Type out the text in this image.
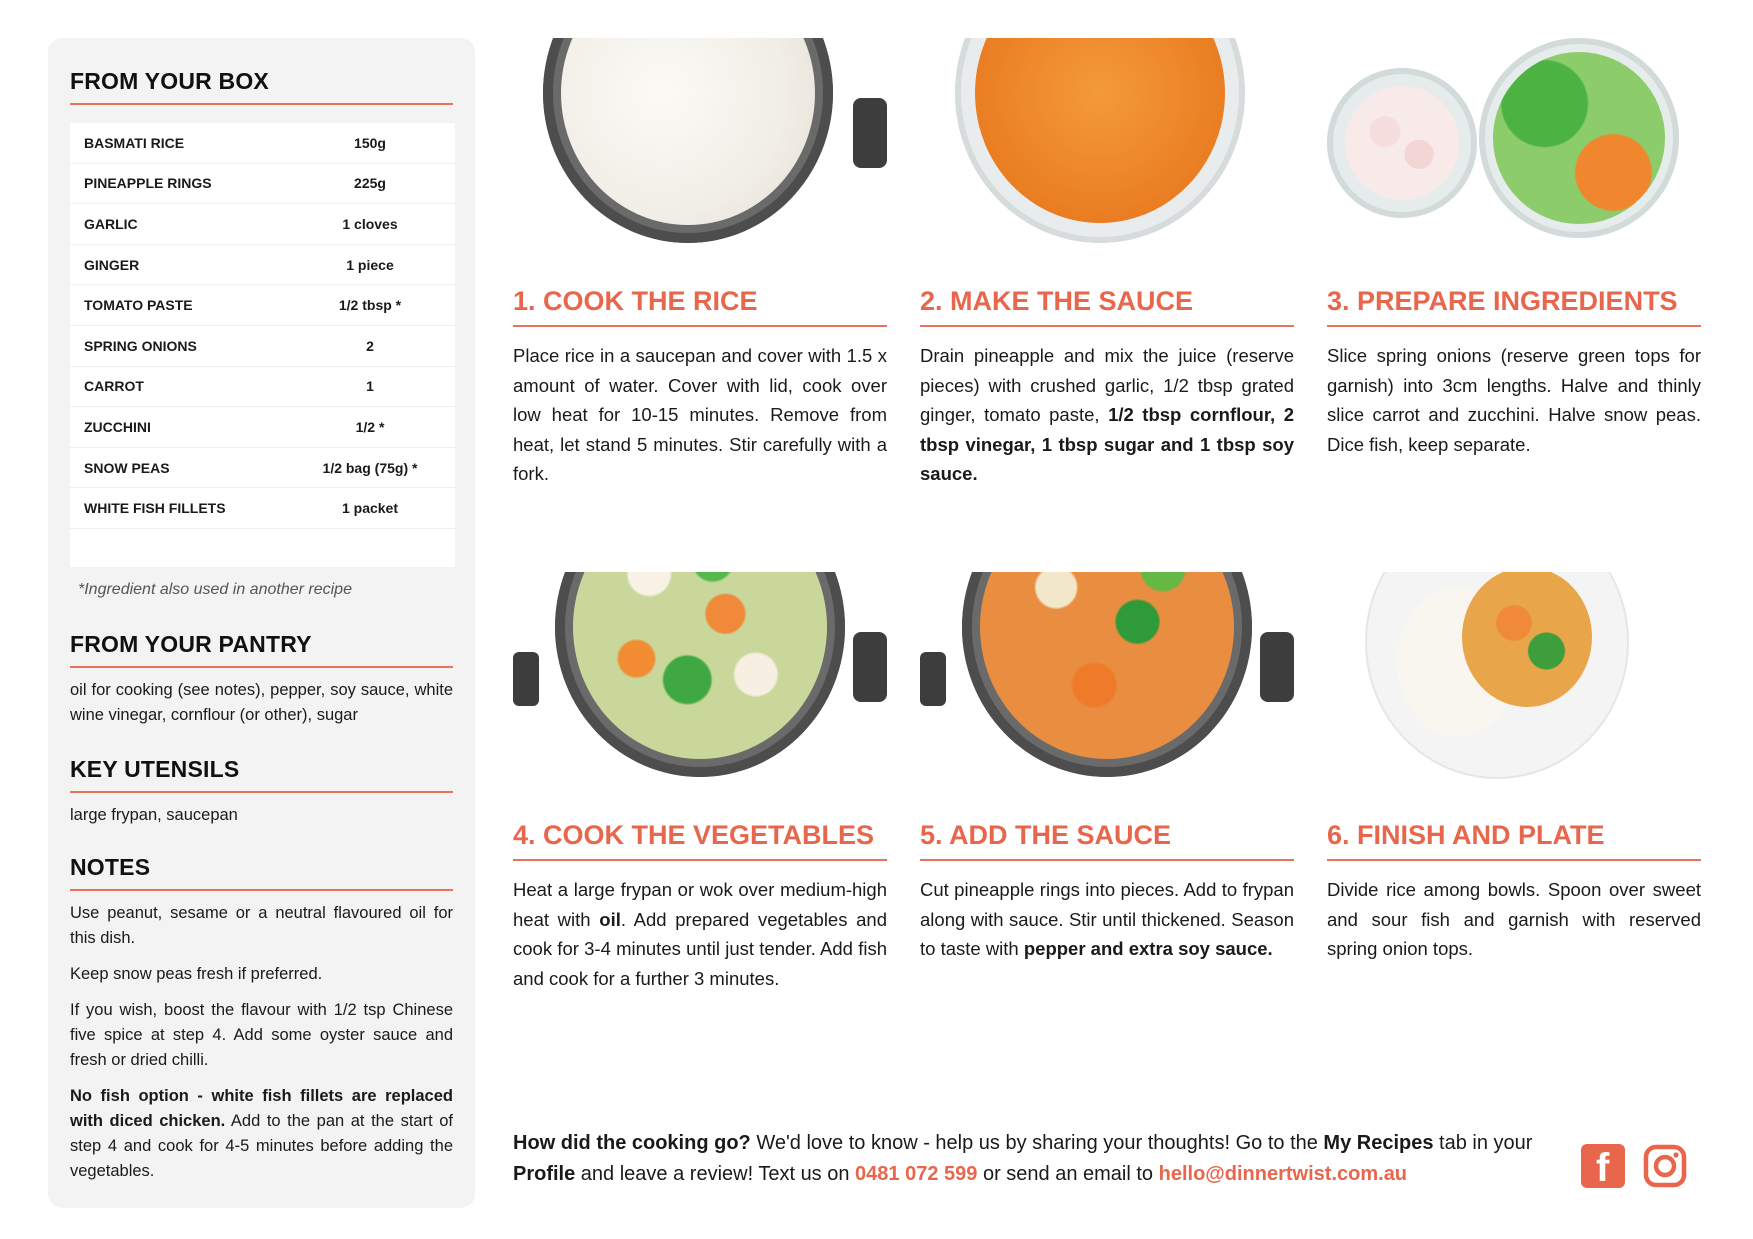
FROM YOUR BOX
BASMATI RICE	150g
PINEAPPLE RINGS	225g
GARLIC	1 cloves
GINGER	1 piece
TOMATO PASTE	1/2 tbsp *
SPRING ONIONS	2
CARROT	1
ZUCCHINI	1/2 *
SNOW PEAS	1/2 bag (75g) *
WHITE FISH FILLETS	1 packet

*Ingredient also used in another recipe
FROM YOUR PANTRY
oil for cooking (see notes), pepper, soy sauce, white wine vinegar, cornflour (or other), sugar
KEY UTENSILS
large frypan, saucepan
NOTES

Use peanut, sesame or a neutral flavoured oil for this dish.

Keep snow peas fresh if preferred.

If you wish, boost the flavour with 1/2 tsp Chinese five spice at step 4. Add some oyster sauce and fresh or dried chilli.

No fish option - white fish fillets are replaced with diced chicken. Add to the pan at the start of step 4 and cook for 4-5 minutes before adding the vegetables.

1. COOK THE RICE
Place rice in a saucepan and cover with 1.5 x amount of water. Cover with lid, cook over low heat for 10-15 minutes. Remove from heat, let stand 5 minutes. Stir carefully with a fork.
2. MAKE THE SAUCE
Drain pineapple and mix the juice (reserve pieces) with crushed garlic, 1/2 tbsp grated ginger, tomato paste, 1/2 tbsp cornflour, 2 tbsp vinegar, 1 tbsp sugar and 1 tbsp soy sauce.
3. PREPARE INGREDIENTS
Slice spring onions (reserve green tops for garnish) into 3cm lengths. Halve and thinly slice carrot and zucchini. Halve snow peas. Dice fish, keep separate.
4. COOK THE VEGETABLES
Heat a large frypan or wok over medium-high heat with oil. Add prepared vegetables and cook for 3-4 minutes until just tender. Add fish and cook for a further 3 minutes.
5. ADD THE SAUCE
Cut pineapple rings into pieces. Add to frypan along with sauce. Stir until thickened. Season to taste with pepper and extra soy sauce.
6. FINISH AND PLATE
Divide rice among bowls. Spoon over sweet and sour fish and garnish with reserved spring onion tops.
How did the cooking go? We'd love to know - help us by sharing your thoughts! Go to the My Recipes tab in your Profile and leave a review! Text us on 0481 072 599 or send an email to hello@dinnertwist.com.au	f
